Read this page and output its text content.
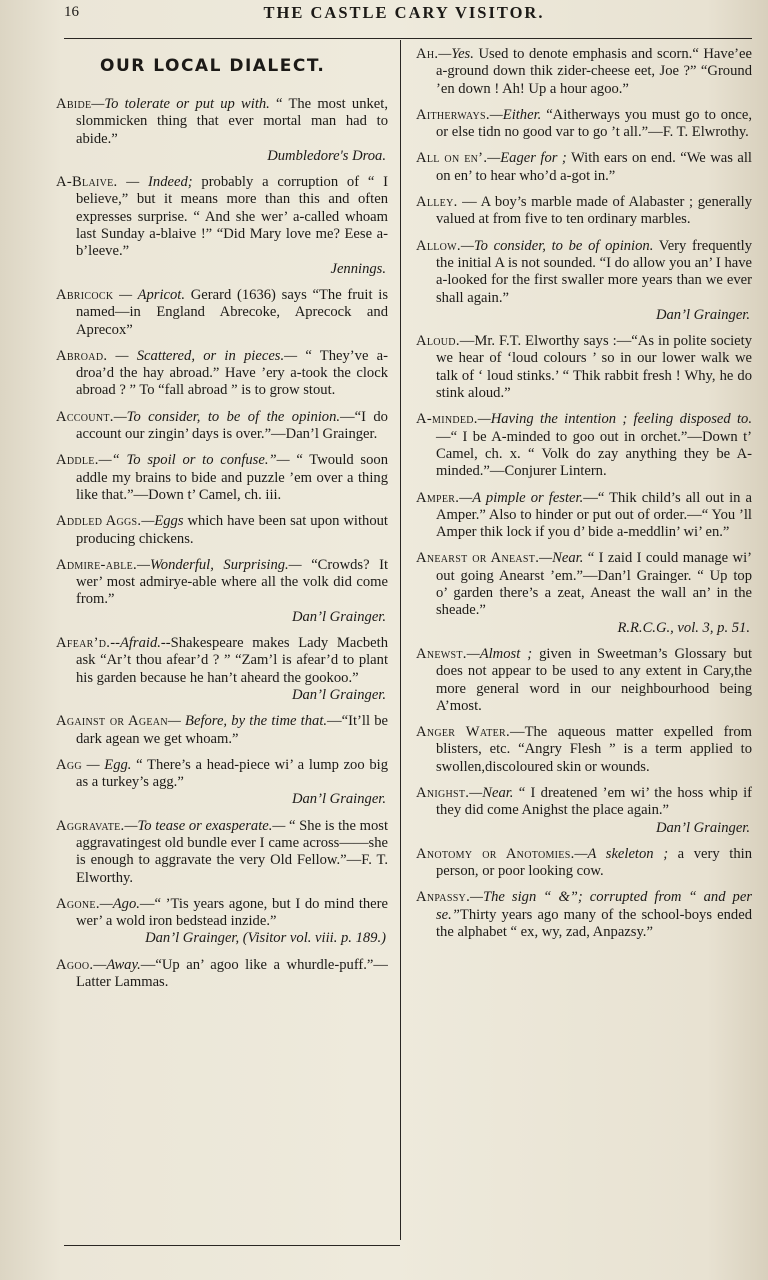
16	THE CASTLE CARY VISITOR.
OUR LOCAL DIALECT.

Abide—To tolerate or put up with. “ The most unket, slommicken thing that ever mortal man had to abide.”
Dumbledore's Droa.

A-Blaive. — Indeed; probably a corruption of “ I believe,” but it means more than this and often expresses surprise. “ And she wer’ a-called whoam last Sunday a-blaive !” “Did Mary love me? Eese a-b’leeve.”
Jennings.

Abricock — Apricot. Gerard (1636) says “The fruit is named—in England Abrecoke, Aprecock and Aprecox”

Abroad. — Scattered, or in pieces.— “ They’ve a-droa’d the hay abroad.” Have ’ery a-took the clock abroad ? ” To “fall abroad ” is to grow stout.

Account.—To consider, to be of the opinion.—“I do account our zingin’ days is over.”—Dan’l Grainger.

Addle.—“ To spoil or to confuse.”— “ Twould soon addle my brains to bide and puzzle ’em over a thing like that.”—Down t’ Camel, ch. iii.

Addled Aggs.—Eggs which have been sat upon without producing chickens.

Admire-able.—Wonderful, Surprising.— “Crowds? It wer’ most admirye-able where all the volk did come from.”
Dan’l Grainger.

Afear’d.--Afraid.--Shakespeare makes Lady Macbeth ask “Ar’t thou afear’d ? ” “Zam’l is afear’d to plant his garden because he han’t aheard the gookoo.”
Dan’l Grainger.

Against or Agean— Before, by the time that.—“It’ll be dark agean we get whoam.”

Agg — Egg. “ There’s a head-piece wi’ a lump zoo big as a turkey’s agg.”
Dan’l Grainger.

Aggravate.—To tease or exasperate.— “ She is the most aggravatingest old bundle ever I came across——she is enough to aggravate the very Old Fellow.”—F. T. Elworthy.

Agone.—Ago.—“ ’Tis years agone, but I do mind there wer’ a wold iron bedstead inzide.”
Dan’l Grainger, (Visitor vol. viii. p. 189.)

Agoo.—Away.—“Up an’ agoo like a whurdle-puff.”—Latter Lammas.

Ah.—Yes. Used to denote emphasis and scorn.“ Have’ee a-ground down thik zider-cheese eet, Joe ?” “Ground ’en down ! Ah! Up a hour agoo.”

Aitherways.—Either. “Aitherways you must go to once, or else tidn no good var to go ’t all.”—F. T. Elwrothy.

All on en’.—Eager for ; With ears on end. “We was all on en’ to hear who’d a-got in.”

Alley. — A boy’s marble made of Alabaster ; generally valued at from five to ten ordinary marbles.

Allow.—To consider, to be of opinion. Very frequently the initial A is not sounded. “I do allow you an’ I have a-looked for the first swaller more years than we ever shall again.”
Dan’l Grainger.

Aloud.—Mr. F.T. Elworthy says :—“As in polite society we hear of ‘loud colours ’ so in our lower walk we talk of ‘ loud stinks.’ “ Thik rabbit fresh ! Why, he do stink aloud.”

A-minded.—Having the intention ; feeling disposed to.—“ I be A-minded to goo out in orchet.”—Down t’ Camel, ch. x. “ Volk do zay anything they be A-minded.”—Conjurer Lintern.

Amper.—A pimple or fester.—“ Thik child’s all out in a Amper.” Also to hinder or put out of order.—“ You ’ll Amper thik lock if you d’ bide a-meddlin’ wi’ en.”

Anearst or Aneast.—Near. “ I zaid I could manage wi’ out going Anearst ’em.”—Dan’l Grainger. “ Up top o’ garden there’s a zeat, Aneast the wall an’ in the sheade.”
R.R.C.G., vol. 3, p. 51.

Anewst.—Almost ; given in Sweetman’s Glossary but does not appear to be used to any extent in Cary,the more general word in our neighbourhood being A’most.

Anger Water.—The aqueous matter expelled from blisters, etc. “Angry Flesh ” is a term applied to swollen,discoloured skin or wounds.

Anighst.—Near. “ I dreatened ’em wi’ the hoss whip if they did come Anighst the place again.”
Dan’l Grainger.

Anotomy or Anotomies.—A skeleton ; a very thin person, or poor looking cow.

Anpassy.—The sign “ &”; corrupted from “ and per se.”Thirty years ago many of the school-boys ended the alphabet “ ex, wy, zad, Anpazsy.”
